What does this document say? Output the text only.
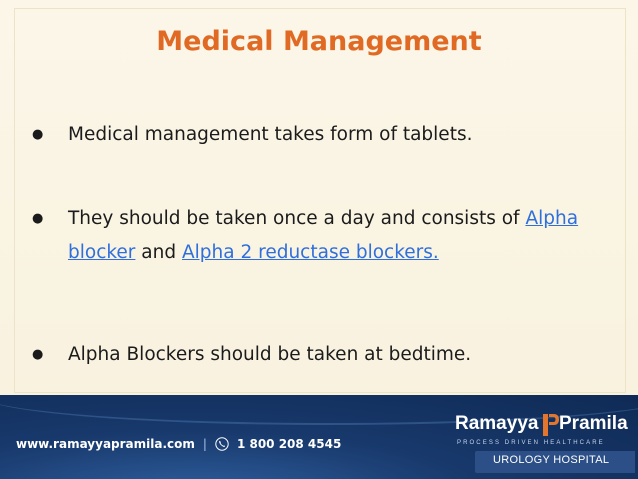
Medical Management
● Medical management takes form of tablets.
● They should be taken once a day and consists of Alpha blocker and Alpha 2 reductase blockers.
● Alpha Blockers should be taken at bedtime.
www.ramayyapramila.com |	1 800 208 4545
Ramayya Pramila
PROCESS DRIVEN HEALTHCARE
UROLOGY HOSPITAL
